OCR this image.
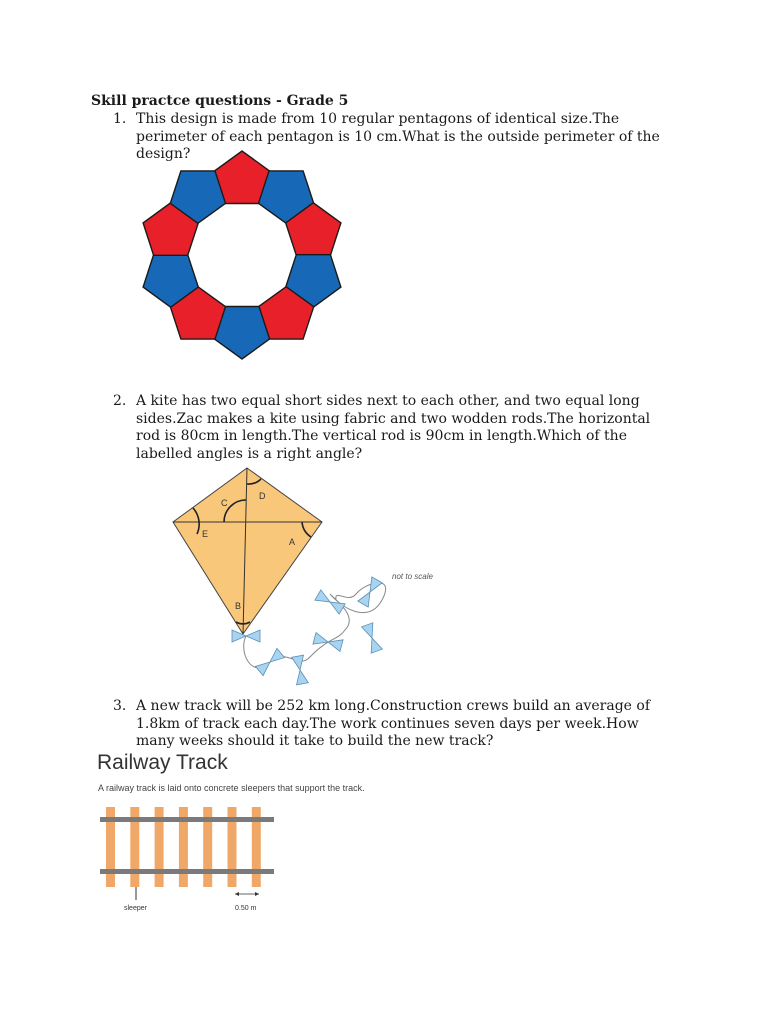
Skill practce questions - Grade 5
1. This design is made from 10 regular pentagons of identical size.The perimeter of each pentagon is 10 cm.What is the outside perimeter of the design?
2. A kite has two equal short sides next to each other, and two equal long sides.Zac makes a kite using fabric and two wodden rods.The horizontal rod is 80cm in length.The vertical rod is 90cm in length.Which of the labelled angles is a right angle?
C
D
E
A
B
not to scale
3. A new track will be 252 km long.Construction crews build an average of 1.8km of track each day.The work continues seven days per week.How many weeks should it take to build the new track?
Railway Track
A railway track is laid onto concrete sleepers that support the track.
sleeper	0.50 m
